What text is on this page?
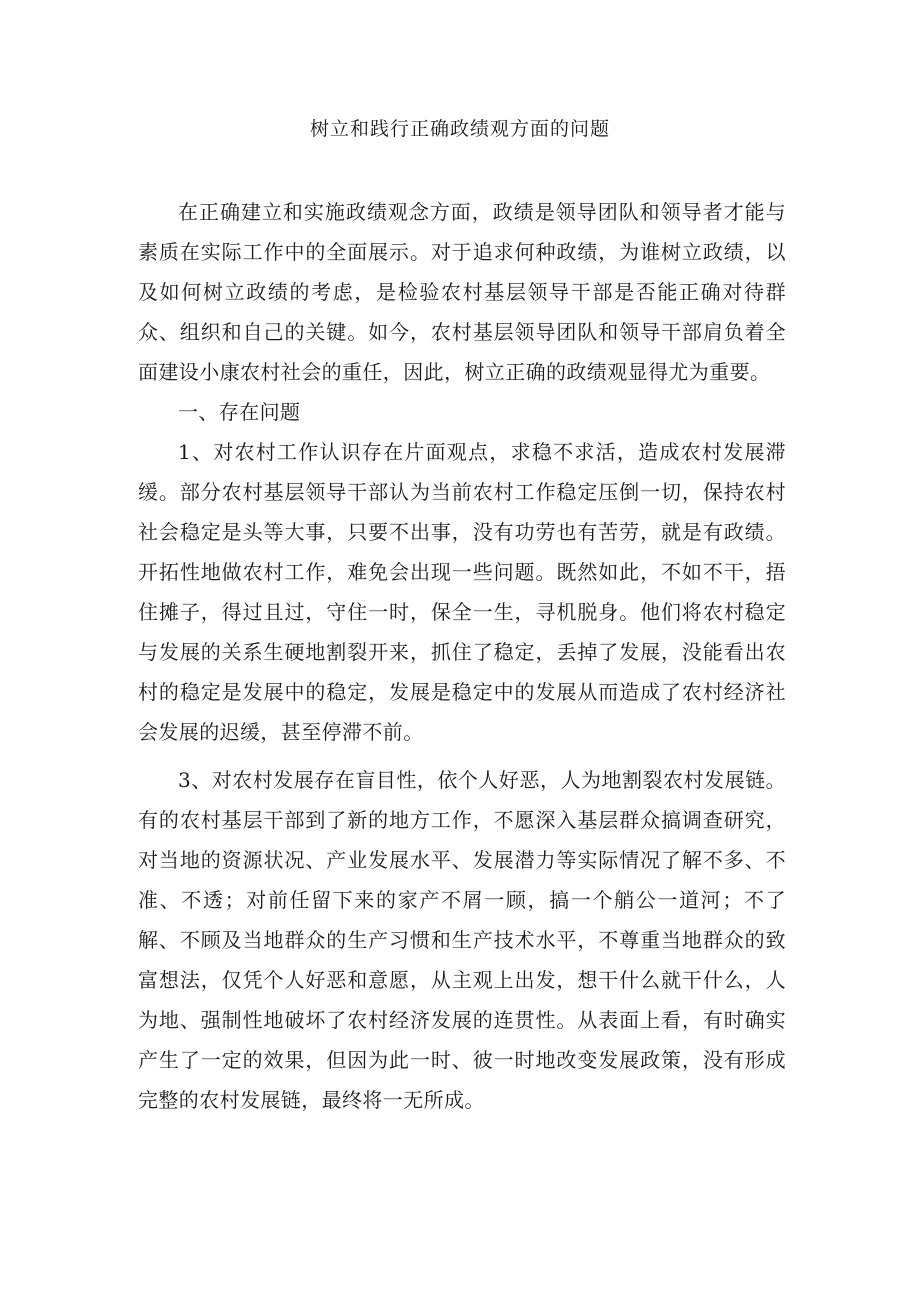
树立和践行正确政绩观方面的问题

在正确建立和实施政绩观念方面，政绩是领导团队和领导者才能与素质在实际工作中的全面展示。对于追求何种政绩，为谁树立政绩，以及如何树立政绩的考虑，是检验农村基层领导干部是否能正确对待群众、组织和自己的关键。如今，农村基层领导团队和领导干部肩负着全面建设小康农村社会的重任，因此，树立正确的政绩观显得尤为重要。

一、存在问题

1、对农村工作认识存在片面观点，求稳不求活，造成农村发展滞缓。部分农村基层领导干部认为当前农村工作稳定压倒一切，保持农村社会稳定是头等大事，只要不出事，没有功劳也有苦劳，就是有政绩。开拓性地做农村工作，难免会出现一些问题。既然如此，不如不干，捂住摊子，得过且过，守住一时，保全一生，寻机脱身。他们将农村稳定与发展的关系生硬地割裂开来，抓住了稳定，丢掉了发展，没能看出农村的稳定是发展中的稳定，发展是稳定中的发展从而造成了农村经济社会发展的迟缓，甚至停滞不前。

3、对农村发展存在盲目性，依个人好恶，人为地割裂农村发展链。有的农村基层干部到了新的地方工作，不愿深入基层群众搞调查研究，对当地的资源状况、产业发展水平、发展潜力等实际情况了解不多、不准、不透；对前任留下来的家产不屑一顾，搞一个艄公一道河；不了解、不顾及当地群众的生产习惯和生产技术水平，不尊重当地群众的致富想法，仅凭个人好恶和意愿，从主观上出发，想干什么就干什么，人为地、强制性地破坏了农村经济发展的连贯性。从表面上看，有时确实产生了一定的效果，但因为此一时、彼一时地改变发展政策，没有形成完整的农村发展链，最终将一无所成。
